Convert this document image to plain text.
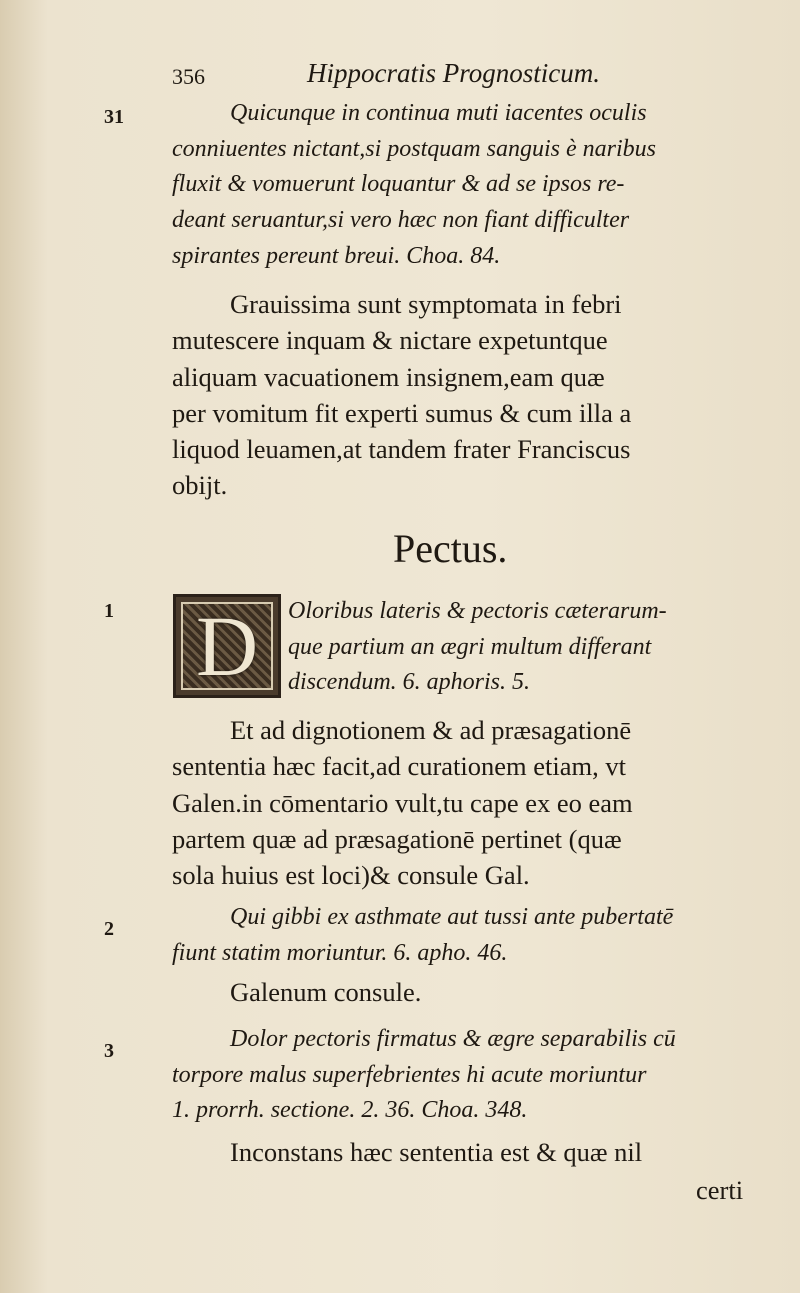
356	Hippocratis Prognosticum.
31
1
2
3
Quicunque in continua muti iacentes oculis
conniuentes nictant,si postquam sanguis è naribus
fluxit & vomuerunt loquantur & ad se ipsos re-
deant seruantur,si vero hæc non fiant difficulter
spirantes pereunt breui. Choa. 84.
Grauissima sunt symptomata in febri
mutescere inquam & nictare expetuntque
aliquam vacuationem insignem,eam quæ
per vomitum fit experti sumus & cum illa a
liquod leuamen,at tandem frater Franciscus
obijt.
Pectus.
D	Oloribus lateris & pectoris cæterarum-
que partium an ægri multum differant
discendum. 6. aphoris. 5.
Et ad dignotionem & ad præsagationē
sententia hæc facit,ad curationem etiam, vt
Galen.in cōmentario vult,tu cape ex eo eam
partem quæ ad præsagationē pertinet (quæ
sola huius est loci)& consule Gal.
Qui gibbi ex asthmate aut tussi ante pubertatē
fiunt statim moriuntur. 6. apho. 46.
Galenum consule.
Dolor pectoris firmatus & ægre separabilis cū
torpore malus superfebrientes hi acute moriuntur
1. prorrh. sectione. 2. 36. Choa. 348.
Inconstans hæc sententia est & quæ nil
certi
